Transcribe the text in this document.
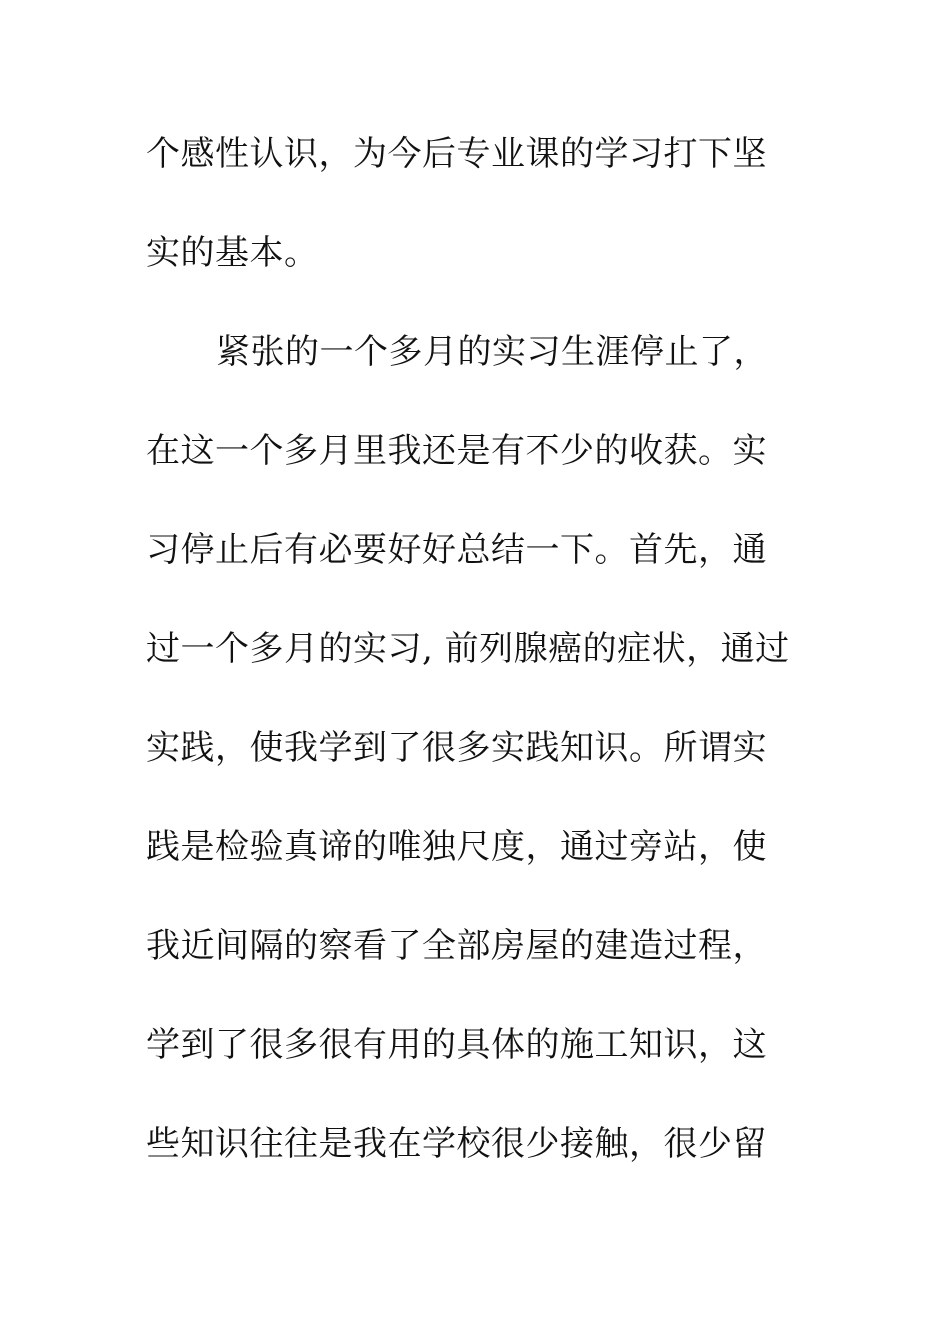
个感性认识，为今后专业课的学习打下坚
实的基本。
紧张的一个多月的实习生涯停止了，
在这一个多月里我还是有不少的收获。实
习停止后有必要好好总结一下。首先，通
过一个多月的实习, 前列腺癌的症状，通过
实践，使我学到了很多实践知识。所谓实
践是检验真谛的唯独尺度，通过旁站，使
我近间隔的察看了全部房屋的建造过程，
学到了很多很有用的具体的施工知识，这
些知识往往是我在学校很少接触，很少留
